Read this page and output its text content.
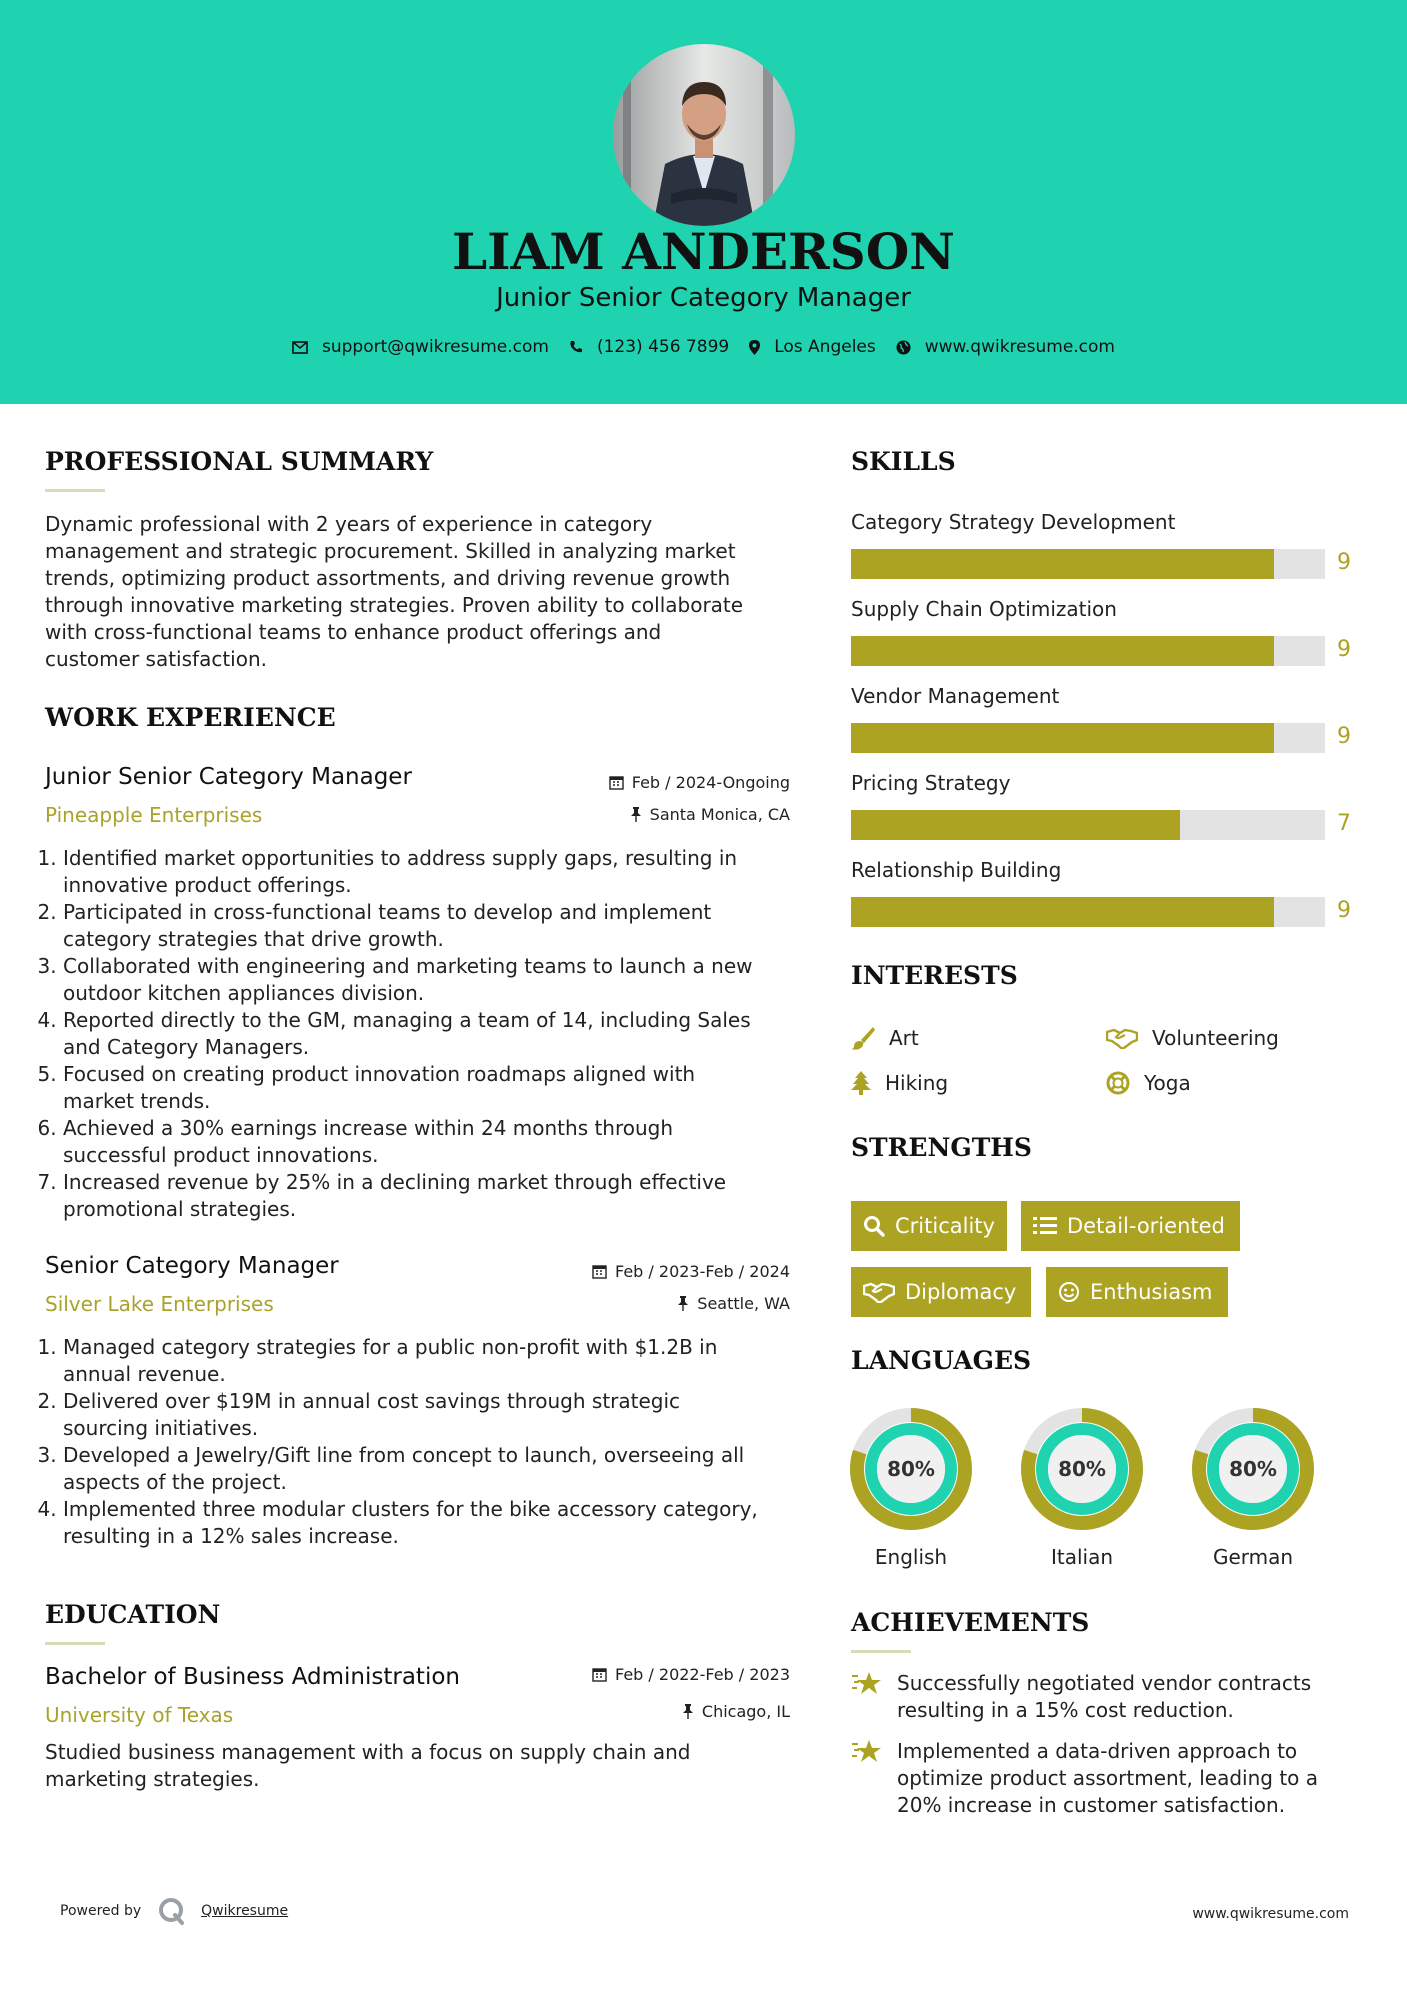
LIAM ANDERSON
Junior Senior Category Manager
support@qwikresume.com	(123) 456 7899	Los Angeles	www.qwikresume.com
PROFESSIONAL SUMMARY
Dynamic professional with 2 years of experience in category
management and strategic procurement. Skilled in analyzing market
trends, optimizing product assortments, and driving revenue growth
through innovative marketing strategies. Proven ability to collaborate
with cross-functional teams to enhance product offerings and
customer satisfaction.
WORK EXPERIENCE
Junior Senior Category Manager
Pineapple Enterprises
Feb / 2024-Ongoing
Santa Monica, CA
1. Identified market opportunities to address supply gaps, resulting in
innovative product offerings.
2. Participated in cross-functional teams to develop and implement
category strategies that drive growth.
3. Collaborated with engineering and marketing teams to launch a new
outdoor kitchen appliances division.
4. Reported directly to the GM, managing a team of 14, including Sales
and Category Managers.
5. Focused on creating product innovation roadmaps aligned with
market trends.
6. Achieved a 30% earnings increase within 24 months through
successful product innovations.
7. Increased revenue by 25% in a declining market through effective
promotional strategies.
Senior Category Manager
Silver Lake Enterprises
Feb / 2023-Feb / 2024
Seattle, WA
1. Managed category strategies for a public non-profit with $1.2B in
annual revenue.
2. Delivered over $19M in annual cost savings through strategic
sourcing initiatives.
3. Developed a Jewelry/Gift line from concept to launch, overseeing all
aspects of the project.
4. Implemented three modular clusters for the bike accessory category,
resulting in a 12% sales increase.
EDUCATION
Bachelor of Business Administration
University of Texas
Feb / 2022-Feb / 2023
Chicago, IL
Studied business management with a focus on supply chain and
marketing strategies.
SKILLS
Category Strategy Development
9
Supply Chain Optimization
9
Vendor Management
9
Pricing Strategy
7
Relationship Building
9
INTERESTS
Art	Volunteering
Hiking	Yoga
STRENGTHS
Criticality	Detail-oriented
Diplomacy	Enthusiasm
LANGUAGES
80%
English
80%
Italian
80%
German
ACHIEVEMENTS
Successfully negotiated vendor contracts
resulting in a 15% cost reduction.
Implemented a data-driven approach to
optimize product assortment, leading to a
20% increase in customer satisfaction.
Powered by	Qwikresume	www.qwikresume.com
